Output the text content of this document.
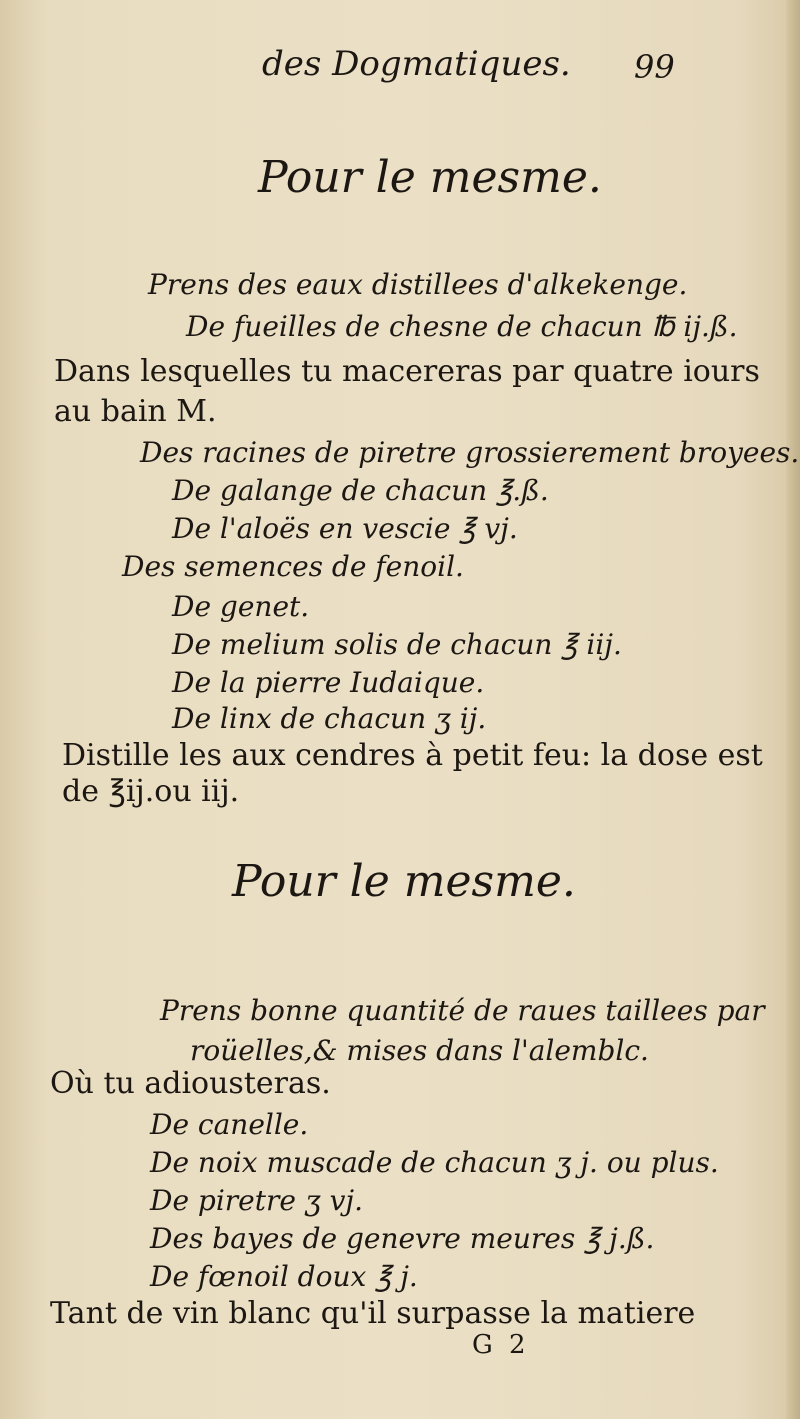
des Dogmatiques. 99
Pour le mesme.
Prens des eaux distillees d'alkekenge.
De fueilles de chesne de chacun ℔ ij.ß.
Dans lesquelles tu macereras par quatre iours
au bain M.
Des racines de piretre grossierement broyees.
De galange de chacun ℥.ß.
De l'aloës en vescie ℥ vj.
Des semences de fenoil.
De genet.
De melium solis de chacun ℥ iij.
De la pierre Iudaique.
De linx de chacun ʒ ij.
Distille les aux cendres à petit feu: la dose est
de ℥ij.ou iij.
Pour le mesme.
Prens bonne quantité de raues taillees par
roüelles,& mises dans l'alemblc.
Où tu adiousteras.
De canelle.
De noix muscade de chacun ʒ j. ou plus.
De piretre ʒ vj.
Des bayes de genevre meures ℥ j.ß.
De fœnoil doux ℥ j.
Tant de vin blanc qu'il surpasse la matiere
G 2
